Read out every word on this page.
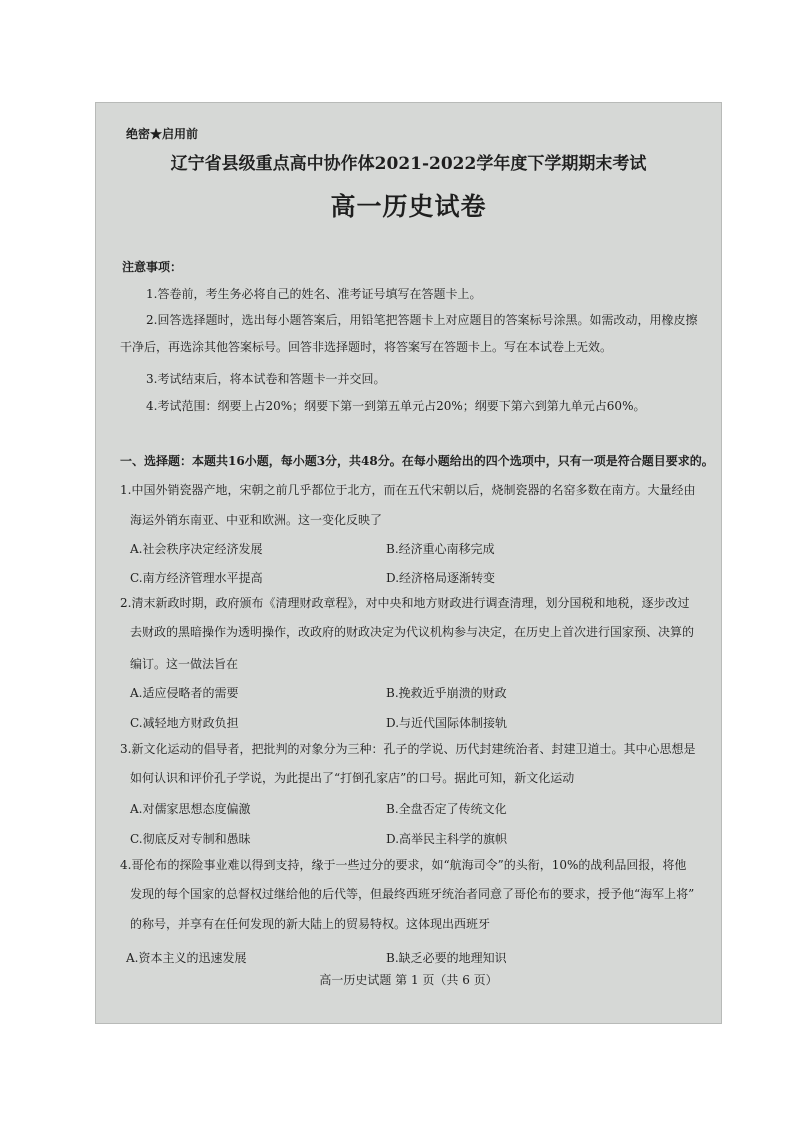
绝密★启用前
辽宁省县级重点高中协作体2021-2022学年度下学期期末考试
高一历史试卷
注意事项：
1.答卷前，考生务必将自己的姓名、准考证号填写在答题卡上。
2.回答选择题时，选出每小题答案后，用铅笔把答题卡上对应题目的答案标号涂黑。如需改动，用橡皮擦
干净后，再选涂其他答案标号。回答非选择题时，将答案写在答题卡上。写在本试卷上无效。
3.考试结束后，将本试卷和答题卡一并交回。
4.考试范围：纲要上占20%；纲要下第一到第五单元占20%；纲要下第六到第九单元占60%。
一、选择题：本题共16小题，每小题3分，共48分。在每小题给出的四个选项中，只有一项是符合题目要求的。
1.中国外销瓷器产地，宋朝之前几乎都位于北方，而在五代宋朝以后，烧制瓷器的名窑多数在南方。大量经由
海运外销东南亚、中亚和欧洲。这一变化反映了
A.社会秩序决定经济发展	B.经济重心南移完成
C.南方经济管理水平提高	D.经济格局逐渐转变
2.清末新政时期，政府颁布《清理财政章程》，对中央和地方财政进行调查清理，划分国税和地税，逐步改过
去财政的黑暗操作为透明操作，改政府的财政决定为代议机构参与决定，在历史上首次进行国家预、决算的
编订。这一做法旨在
A.适应侵略者的需要	B.挽救近乎崩溃的财政
C.减轻地方财政负担	D.与近代国际体制接轨
3.新文化运动的倡导者，把批判的对象分为三种：孔子的学说、历代封建统治者、封建卫道士。其中心思想是
如何认识和评价孔子学说，为此提出了“打倒孔家店”的口号。据此可知，新文化运动
A.对儒家思想态度偏激	B.全盘否定了传统文化
C.彻底反对专制和愚昧	D.高举民主科学的旗帜
4.哥伦布的探险事业难以得到支持，缘于一些过分的要求，如“航海司令”的头衔，10%的战利品回报，将他
发现的每个国家的总督权过继给他的后代等，但最终西班牙统治者同意了哥伦布的要求，授予他“海军上将”
的称号，并享有在任何发现的新大陆上的贸易特权。这体现出西班牙
A.资本主义的迅速发展	B.缺乏必要的地理知识
高一历史试题 第 1 页（共 6 页）
